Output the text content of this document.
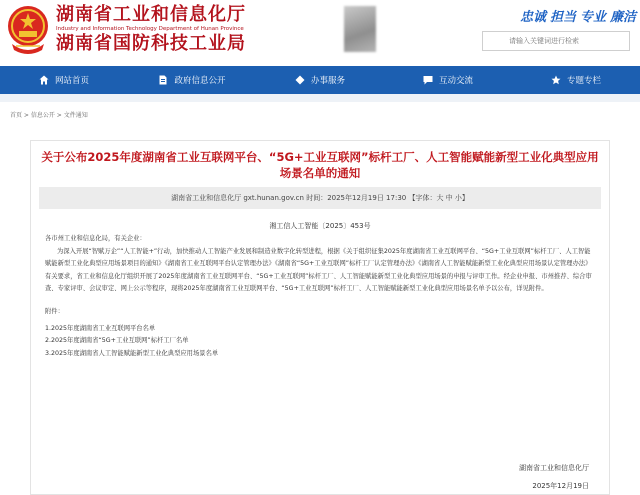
湖南省工业和信息化厅
Industry and Information Technology Department of Hunan Province
湖南省国防科技工业局
忠诚 担当 专业 廉洁
请输入关键词进行检索
网站首页	政府信息公开	办事服务	互动交流	专题专栏
首页 > 信息公开 > 文件通知
关于公布2025年度湖南省工业互联网平台、“5G+工业互联网”标杆工厂、人工智能赋能新型工业化典型应用场景名单的通知
湖南省工业和信息化厅 gxt.hunan.gov.cn 时间：2025年12月19日 17:30 【字体：大 中 小】
湘工信人工智能〔2025〕453号
各市州工业和信息化局，有关企业：
为深入开展“智赋万企”“人工智能+”行动，加快推动人工智能产业发展和制造业数字化转型进程，根据《关于组织征集2025年度湖南省工业互联网平台、“5G+工业互联网”标杆工厂、人工智能赋能新型工业化典型应用场景项目的通知》《湖南省工业互联网平台认定管理办法》《湖南省“5G+工业互联网”标杆工厂认定管理办法》《湖南省人工智能赋能新型工业化典型应用场景认定管理办法》有关要求，省工业和信息化厅组织开展了2025年度湖南省工业互联网平台、“5G+工业互联网”标杆工厂、人工智能赋能新型工业化典型应用场景的申报与评审工作。经企业申报、市州推荐、综合审查、专家评审、会议审定、网上公示等程序，现将2025年度湖南省工业互联网平台、“5G+工业互联网”标杆工厂、人工智能赋能新型工业化典型应用场景名单予以公布，详见附件。
附件：
1.2025年度湖南省工业互联网平台名单
2.2025年度湖南省“5G+工业互联网”标杆工厂名单
3.2025年度湖南省人工智能赋能新型工业化典型应用场景名单
湖南省工业和信息化厅
2025年12月19日
